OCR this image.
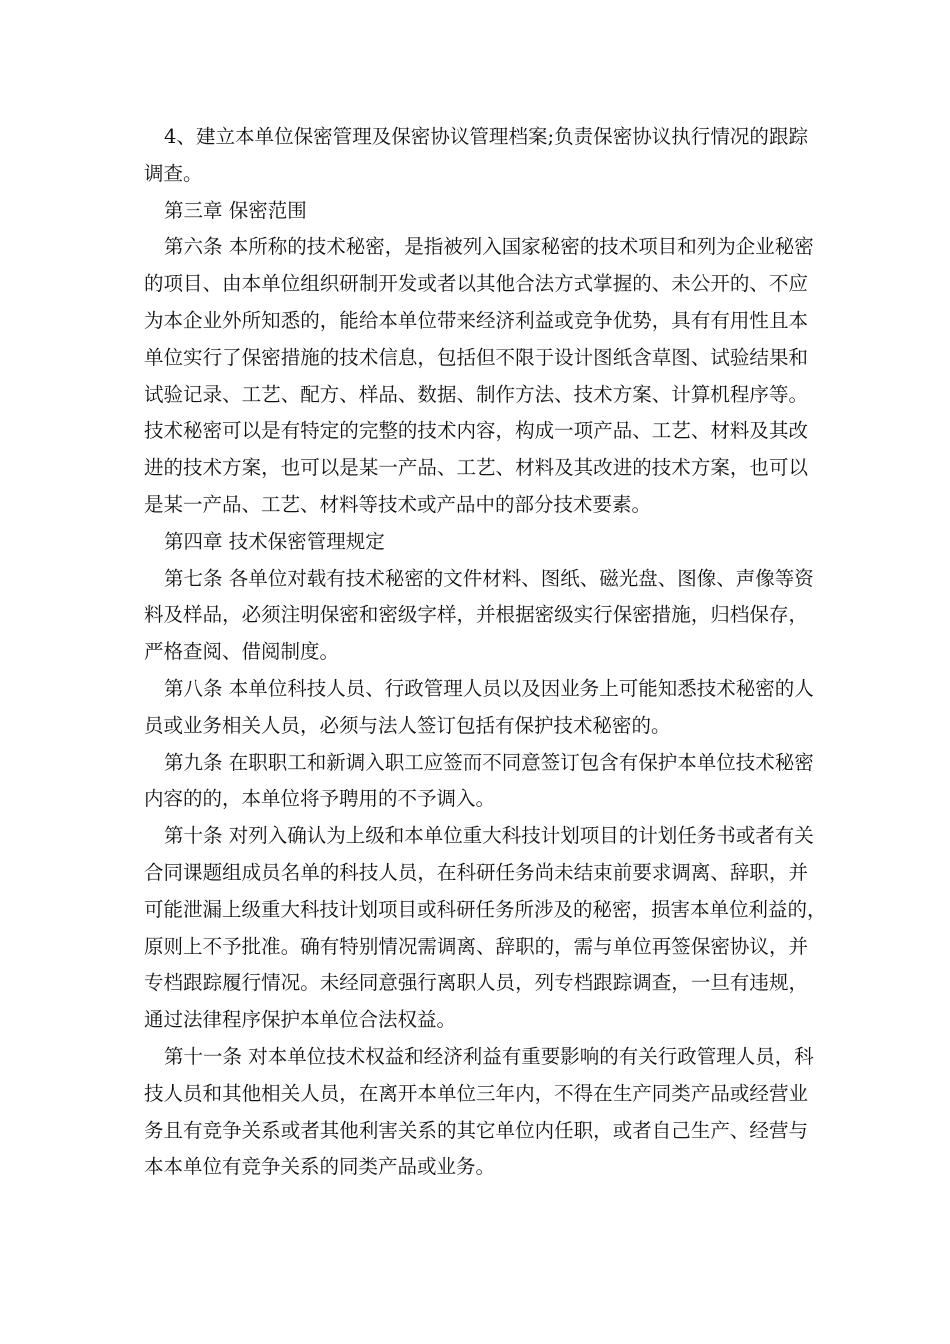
4、建立本单位保密管理及保密协议管理档案;负责保密协议执行情况的跟踪
调查。
第三章 保密范围
第六条 本所称的技术秘密，是指被列入国家秘密的技术项目和列为企业秘密
的项目、由本单位组织研制开发或者以其他合法方式掌握的、未公开的、不应
为本企业外所知悉的，能给本单位带来经济利益或竞争优势，具有有用性且本
单位实行了保密措施的技术信息，包括但不限于设计图纸含草图、试验结果和
试验记录、工艺、配方、样品、数据、制作方法、技术方案、计算机程序等。
技术秘密可以是有特定的完整的技术内容，构成一项产品、工艺、材料及其改
进的技术方案，也可以是某一产品、工艺、材料及其改进的技术方案，也可以
是某一产品、工艺、材料等技术或产品中的部分技术要素。
第四章 技术保密管理规定
第七条 各单位对载有技术秘密的文件材料、图纸、磁光盘、图像、声像等资
料及样品，必须注明保密和密级字样，并根据密级实行保密措施，归档保存，
严格查阅、借阅制度。
第八条 本单位科技人员、行政管理人员以及因业务上可能知悉技术秘密的人
员或业务相关人员，必须与法人签订包括有保护技术秘密的。
第九条 在职职工和新调入职工应签而不同意签订包含有保护本单位技术秘密
内容的的，本单位将予聘用的不予调入。
第十条 对列入确认为上级和本单位重大科技计划项目的计划任务书或者有关
合同课题组成员名单的科技人员，在科研任务尚未结束前要求调离、辞职，并
可能泄漏上级重大科技计划项目或科研任务所涉及的秘密，损害本单位利益的，
原则上不予批准。确有特别情况需调离、辞职的，需与单位再签保密协议，并
专档跟踪履行情况。未经同意强行离职人员，列专档跟踪调查，一旦有违规，
通过法律程序保护本单位合法权益。
第十一条 对本单位技术权益和经济利益有重要影响的有关行政管理人员，科
技人员和其他相关人员，在离开本单位三年内，不得在生产同类产品或经营业
务且有竞争关系或者其他利害关系的其它单位内任职，或者自己生产、经营与
本本单位有竞争关系的同类产品或业务。
